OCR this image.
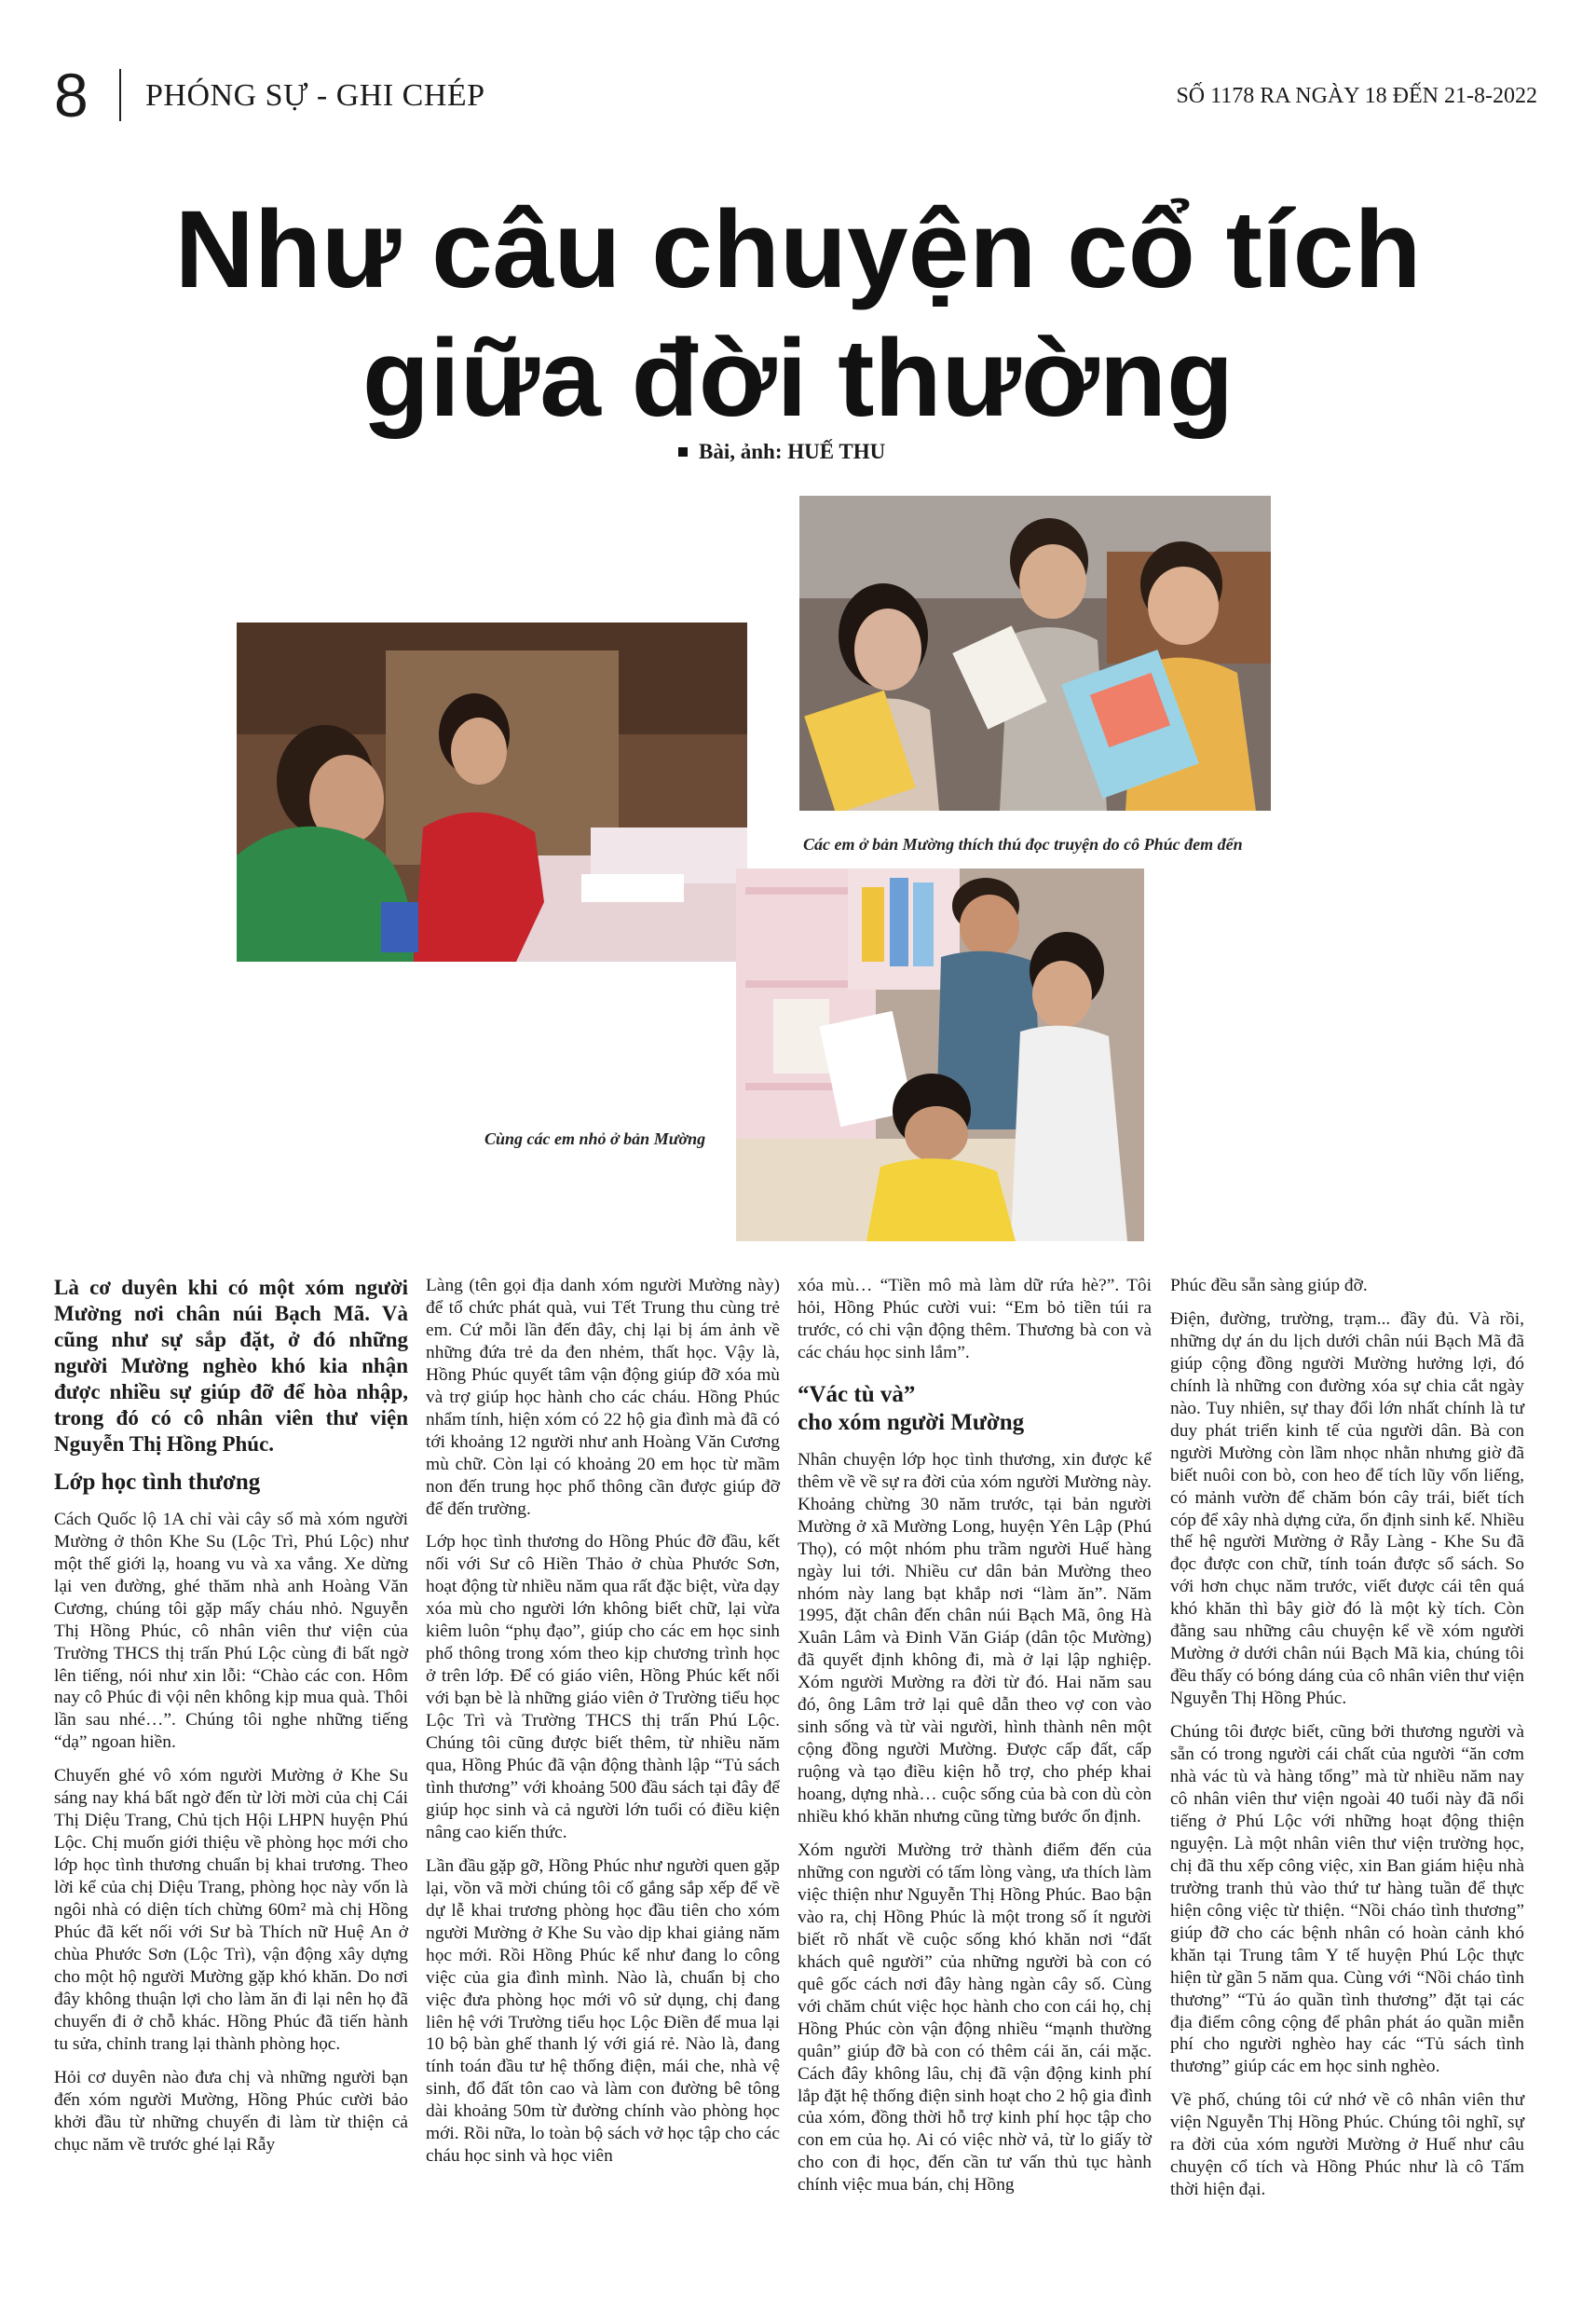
8 PHÓNG SỰ - GHI CHÉP	SỐ 1178 RA NGÀY 18 ĐẾN 21-8-2022
Như câu chuyện cổ tích
giữa đời thường
Bài, ảnh: HUẾ THU
Các em ở bản Mường thích thú đọc truyện do cô Phúc đem đến
Cùng các em nhỏ ở bản Mường

Là cơ duyên khi có một xóm người Mường nơi chân núi Bạch Mã. Và cũng như sự sắp đặt, ở đó những người Mường nghèo khó kia nhận được nhiều sự giúp đỡ để hòa nhập, trong đó có cô nhân viên thư viện Nguyễn Thị Hồng Phúc.

Lớp học tình thương

Cách Quốc lộ 1A chỉ vài cây số mà xóm người Mường ở thôn Khe Su (Lộc Trì, Phú Lộc) như một thế giới lạ, hoang vu và xa vắng. Xe dừng lại ven đường, ghé thăm nhà anh Hoàng Văn Cương, chúng tôi gặp mấy cháu nhỏ. Nguyễn Thị Hồng Phúc, cô nhân viên thư viện của Trường THCS thị trấn Phú Lộc cùng đi bất ngờ lên tiếng, nói như xin lỗi: “Chào các con. Hôm nay cô Phúc đi vội nên không kịp mua quà. Thôi lần sau nhé…”. Chúng tôi nghe những tiếng “dạ” ngoan hiền.

Chuyến ghé vô xóm người Mường ở Khe Su sáng nay khá bất ngờ đến từ lời mời của chị Cái Thị Diệu Trang, Chủ tịch Hội LHPN huyện Phú Lộc. Chị muốn giới thiệu về phòng học mới cho lớp học tình thương chuẩn bị khai trương. Theo lời kể của chị Diệu Trang, phòng học này vốn là ngôi nhà có diện tích chừng 60m² mà chị Hồng Phúc đã kết nối với Sư bà Thích nữ Huệ An ở chùa Phước Sơn (Lộc Trì), vận động xây dựng cho một hộ người Mường gặp khó khăn. Do nơi đây không thuận lợi cho làm ăn đi lại nên họ đã chuyển đi ở chỗ khác. Hồng Phúc đã tiến hành tu sửa, chỉnh trang lại thành phòng học.

Hỏi cơ duyên nào đưa chị và những người bạn đến xóm người Mường, Hồng Phúc cười bảo khởi đầu từ những chuyến đi làm từ thiện cả chục năm về trước ghé lại Rẫy

Làng (tên gọi địa danh xóm người Mường này) để tổ chức phát quà, vui Tết Trung thu cùng trẻ em. Cứ mỗi lần đến đây, chị lại bị ám ảnh về những đứa trẻ da đen nhẻm, thất học. Vậy là, Hồng Phúc quyết tâm vận động giúp đỡ xóa mù và trợ giúp học hành cho các cháu. Hồng Phúc nhẩm tính, hiện xóm có 22 hộ gia đình mà đã có tới khoảng 12 người như anh Hoàng Văn Cương mù chữ. Còn lại có khoảng 20 em học từ mầm non đến trung học phổ thông cần được giúp đỡ để đến trường.

Lớp học tình thương do Hồng Phúc đỡ đầu, kết nối với Sư cô Hiền Thảo ở chùa Phước Sơn, hoạt động từ nhiều năm qua rất đặc biệt, vừa dạy xóa mù cho người lớn không biết chữ, lại vừa kiêm luôn “phụ đạo”, giúp cho các em học sinh phổ thông trong xóm theo kịp chương trình học ở trên lớp. Để có giáo viên, Hồng Phúc kết nối với bạn bè là những giáo viên ở Trường tiểu học Lộc Trì và Trường THCS thị trấn Phú Lộc. Chúng tôi cũng được biết thêm, từ nhiều năm qua, Hồng Phúc đã vận động thành lập “Tủ sách tình thương” với khoảng 500 đầu sách tại đây để giúp học sinh và cả người lớn tuổi có điều kiện nâng cao kiến thức.

Lần đầu gặp gỡ, Hồng Phúc như người quen gặp lại, vồn vã mời chúng tôi cố gắng sắp xếp để về dự lễ khai trương phòng học đầu tiên cho xóm người Mường ở Khe Su vào dịp khai giảng năm học mới. Rồi Hồng Phúc kể như đang lo công việc của gia đình mình. Nào là, chuẩn bị cho việc đưa phòng học mới vô sử dụng, chị đang liên hệ với Trường tiểu học Lộc Điền để mua lại 10 bộ bàn ghế thanh lý với giá rẻ. Nào là, đang tính toán đầu tư hệ thống điện, mái che, nhà vệ sinh, đổ đất tôn cao và làm con đường bê tông dài khoảng 50m từ đường chính vào phòng học mới. Rồi nữa, lo toàn bộ sách vở học tập cho các cháu học sinh và học viên

xóa mù… “Tiền mô mà làm dữ rứa hè?”. Tôi hỏi, Hồng Phúc cười vui: “Em bỏ tiền túi ra trước, có chi vận động thêm. Thương bà con và các cháu học sinh lắm”.

“Vác tù và”
cho xóm người Mường

Nhân chuyện lớp học tình thương, xin được kể thêm về về sự ra đời của xóm người Mường này. Khoảng chừng 30 năm trước, tại bản người Mường ở xã Mường Long, huyện Yên Lập (Phú Thọ), có một nhóm phu trầm người Huế hàng ngày lui tới. Nhiều cư dân bản Mường theo nhóm này lang bạt khắp nơi “làm ăn”. Năm 1995, đặt chân đến chân núi Bạch Mã, ông Hà Xuân Lâm và Đinh Văn Giáp (dân tộc Mường) đã quyết định không đi, mà ở lại lập nghiệp. Xóm người Mường ra đời từ đó. Hai năm sau đó, ông Lâm trở lại quê dẫn theo vợ con vào sinh sống và từ vài người, hình thành nên một cộng đồng người Mường. Được cấp đất, cấp ruộng và tạo điều kiện hỗ trợ, cho phép khai hoang, dựng nhà… cuộc sống của bà con dù còn nhiều khó khăn nhưng cũng từng bước ổn định.

Xóm người Mường trở thành điểm đến của những con người có tấm lòng vàng, ưa thích làm việc thiện như Nguyễn Thị Hồng Phúc. Bao bận vào ra, chị Hồng Phúc là một trong số ít người biết rõ nhất về cuộc sống khó khăn nơi “đất khách quê người” của những người bà con có quê gốc cách nơi đây hàng ngàn cây số. Cùng với chăm chút việc học hành cho con cái họ, chị Hồng Phúc còn vận động nhiều “mạnh thường quân” giúp đỡ bà con có thêm cái ăn, cái mặc. Cách đây không lâu, chị đã vận động kinh phí lắp đặt hệ thống điện sinh hoạt cho 2 hộ gia đình của xóm, đồng thời hỗ trợ kinh phí học tập cho con em của họ. Ai có việc nhờ vả, từ lo giấy tờ cho con đi học, đến cần tư vấn thủ tục hành chính việc mua bán, chị Hồng

Phúc đều sẵn sàng giúp đỡ.

Điện, đường, trường, trạm... đầy đủ. Và rồi, những dự án du lịch dưới chân núi Bạch Mã đã giúp cộng đồng người Mường hưởng lợi, đó chính là những con đường xóa sự chia cắt ngày nào. Tuy nhiên, sự thay đổi lớn nhất chính là tư duy phát triển kinh tế của người dân. Bà con người Mường còn lầm nhọc nhằn nhưng giờ đã biết nuôi con bò, con heo để tích lũy vốn liếng, có mảnh vườn để chăm bón cây trái, biết tích cóp để xây nhà dựng cửa, ổn định sinh kế. Nhiều thế hệ người Mường ở Rẫy Làng - Khe Su đã đọc được con chữ, tính toán được sổ sách. So với hơn chục năm trước, viết được cái tên quá khó khăn thì bây giờ đó là một kỳ tích. Còn đằng sau những câu chuyện kể về xóm người Mường ở dưới chân núi Bạch Mã kia, chúng tôi đều thấy có bóng dáng của cô nhân viên thư viện Nguyễn Thị Hồng Phúc.

Chúng tôi được biết, cũng bởi thương người và sẵn có trong người cái chất của người “ăn cơm nhà vác tù và hàng tổng” mà từ nhiều năm nay cô nhân viên thư viện ngoài 40 tuổi này đã nổi tiếng ở Phú Lộc với những hoạt động thiện nguyện. Là một nhân viên thư viện trường học, chị đã thu xếp công việc, xin Ban giám hiệu nhà trường tranh thủ vào thứ tư hàng tuần để thực hiện công việc từ thiện. “Nồi cháo tình thương” giúp đỡ cho các bệnh nhân có hoàn cảnh khó khăn tại Trung tâm Y tế huyện Phú Lộc thực hiện từ gần 5 năm qua. Cùng với “Nồi cháo tình thương” “Tủ áo quần tình thương” đặt tại các địa điểm công cộng để phân phát áo quần miễn phí cho người nghèo hay các “Tủ sách tình thương” giúp các em học sinh nghèo.

Về phố, chúng tôi cứ nhớ về cô nhân viên thư viện Nguyễn Thị Hồng Phúc. Chúng tôi nghĩ, sự ra đời của xóm người Mường ở Huế như câu chuyện cổ tích và Hồng Phúc như là cô Tấm thời hiện đại.
